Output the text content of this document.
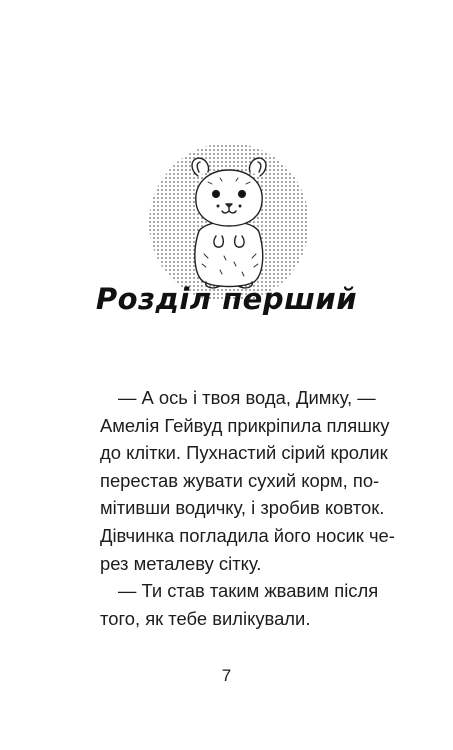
Розділ перший
— А ось і твоя вода, Димку, —
Амелія Гейвуд прикріпила пляшку
до клітки. Пухнастий сірий кролик
перестав жувати сухий корм, по-
мітивши водичку, і зробив ковток.
Дівчинка погладила його носик че-
рез металеву сітку.
— Ти став таким жвавим після
того, як тебе вилікували.
7
